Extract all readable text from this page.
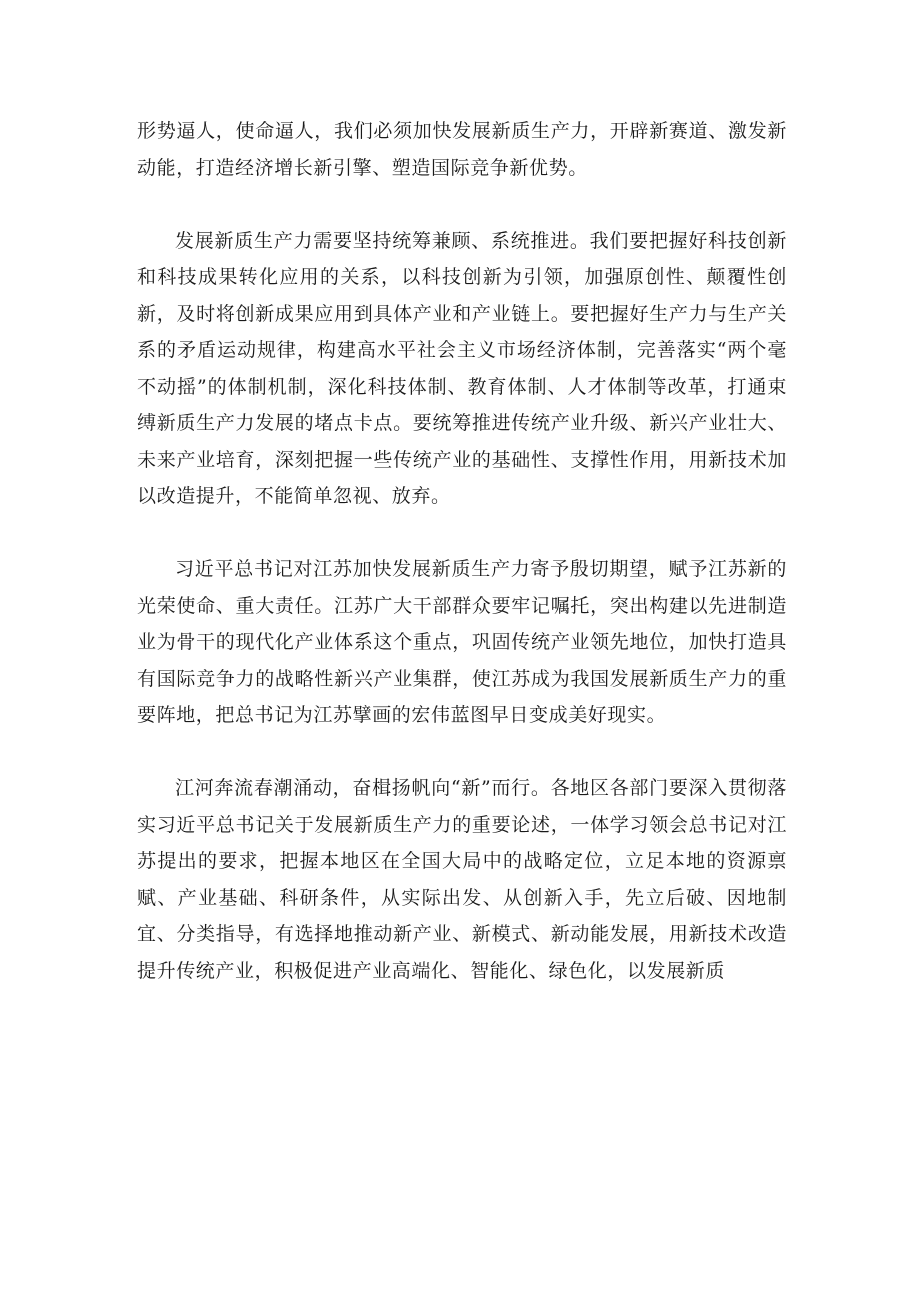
形势逼人，使命逼人，我们必须加快发展新质生产力，开辟新赛道、激发新动能，打造经济增长新引擎、塑造国际竞争新优势。

发展新质生产力需要坚持统筹兼顾、系统推进。我们要把握好科技创新和科技成果转化应用的关系，以科技创新为引领，加强原创性、颠覆性创新，及时将创新成果应用到具体产业和产业链上。要把握好生产力与生产关系的矛盾运动规律，构建高水平社会主义市场经济体制，完善落实“两个毫不动摇”的体制机制，深化科技体制、教育体制、人才体制等改革，打通束缚新质生产力发展的堵点卡点。要统筹推进传统产业升级、新兴产业壮大、未来产业培育，深刻把握一些传统产业的基础性、支撑性作用，用新技术加以改造提升，不能简单忽视、放弃。

习近平总书记对江苏加快发展新质生产力寄予殷切期望，赋予江苏新的光荣使命、重大责任。江苏广大干部群众要牢记嘱托，突出构建以先进制造业为骨干的现代化产业体系这个重点，巩固传统产业领先地位，加快打造具有国际竞争力的战略性新兴产业集群，使江苏成为我国发展新质生产力的重要阵地，把总书记为江苏擘画的宏伟蓝图早日变成美好现实。

江河奔流春潮涌动，奋楫扬帆向“新”而行。各地区各部门要深入贯彻落实习近平总书记关于发展新质生产力的重要论述，一体学习领会总书记对江苏提出的要求，把握本地区在全国大局中的战略定位，立足本地的资源禀赋、产业基础、科研条件，从实际出发、从创新入手，先立后破、因地制宜、分类指导，有选择地推动新产业、新模式、新动能发展，用新技术改造提升传统产业，积极促进产业高端化、智能化、绿色化，以发展新质
